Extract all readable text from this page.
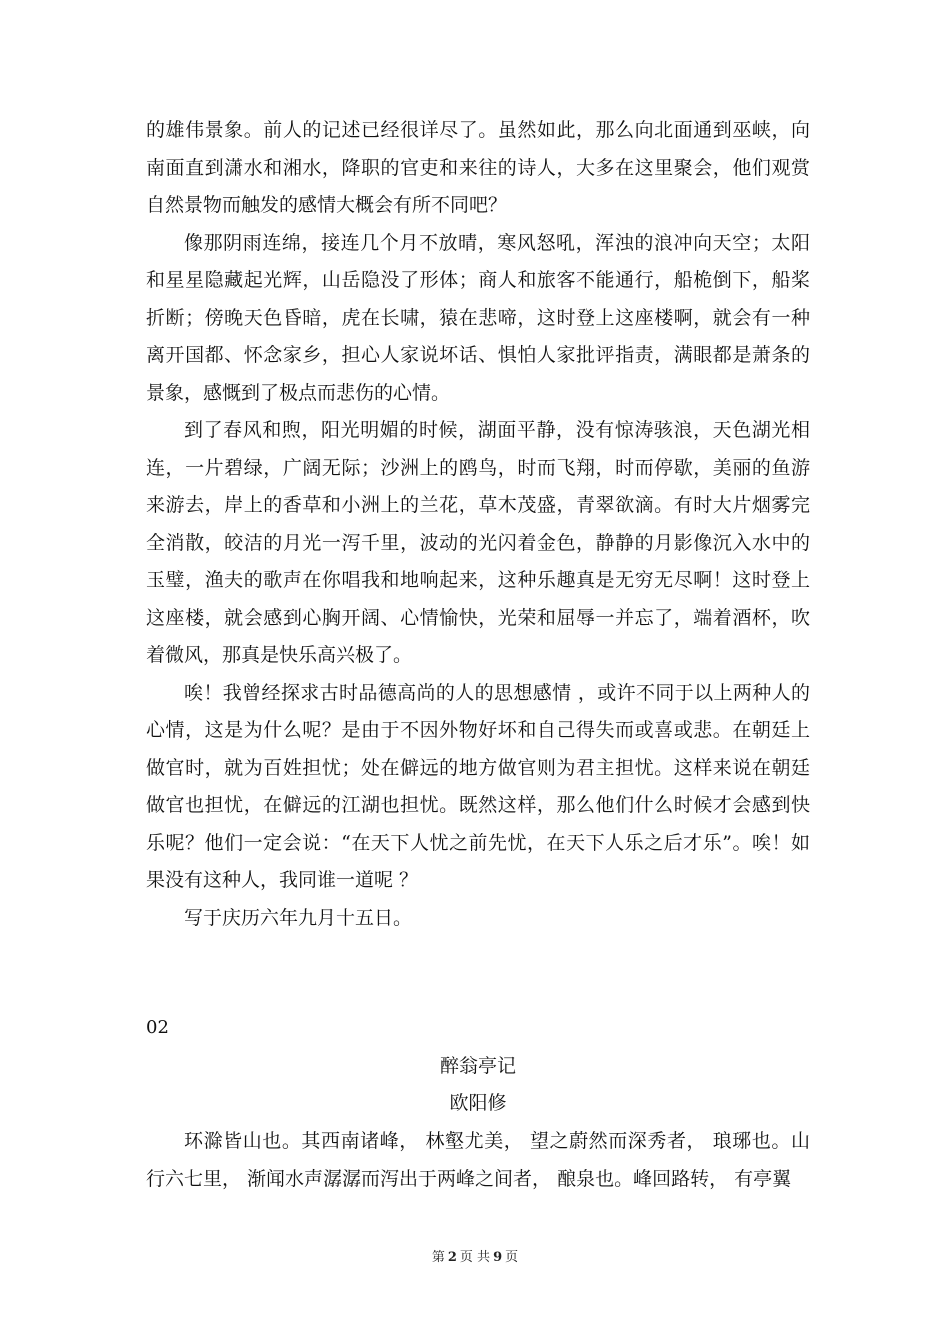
的雄伟景象。前人的记述已经很详尽了。虽然如此，那么向北面通到巫峡，向南面直到潇水和湘水，降职的官吏和来往的诗人，大多在这里聚会，他们观赏自然景物而触发的感情大概会有所不同吧？

像那阴雨连绵，接连几个月不放晴，寒风怒吼，浑浊的浪冲向天空；太阳和星星隐藏起光辉，山岳隐没了形体；商人和旅客不能通行，船桅倒下，船桨折断；傍晚天色昏暗，虎在长啸，猿在悲啼，这时登上这座楼啊，就会有一种离开国都、怀念家乡，担心人家说坏话、惧怕人家批评指责，满眼都是萧条的景象，感慨到了极点而悲伤的心情。

到了春风和煦，阳光明媚的时候，湖面平静，没有惊涛骇浪，天色湖光相连，一片碧绿，广阔无际；沙洲上的鸥鸟，时而飞翔，时而停歇，美丽的鱼游来游去，岸上的香草和小洲上的兰花，草木茂盛，青翠欲滴。有时大片烟雾完全消散，皎洁的月光一泻千里，波动的光闪着金色，静静的月影像沉入水中的玉璧，渔夫的歌声在你唱我和地响起来，这种乐趣真是无穷无尽啊！这时登上这座楼，就会感到心胸开阔、心情愉快，光荣和屈辱一并忘了，端着酒杯，吹着微风，那真是快乐高兴极了。

唉！我曾经探求古时品德高尚的人的思想感情 ，或许不同于以上两种人的心情，这是为什么呢？是由于不因外物好坏和自己得失而或喜或悲。在朝廷上做官时，就为百姓担忧；处在僻远的地方做官则为君主担忧。这样来说在朝廷做官也担忧，在僻远的江湖也担忧。既然这样，那么他们什么时候才会感到快乐呢？他们一定会说：“在天下人忧之前先忧，在天下人乐之后才乐”。唉！如果没有这种人，我同谁一道呢 ？

写于庆历六年九月十五日。

02

醉翁亭记

欧阳修

环滁皆山也。其西南诸峰， 林壑尤美， 望之蔚然而深秀者， 琅琊也。山行六七里， 渐闻水声潺潺而泻出于两峰之间者， 酿泉也。峰回路转， 有亭翼

第 2 页 共 9 页
